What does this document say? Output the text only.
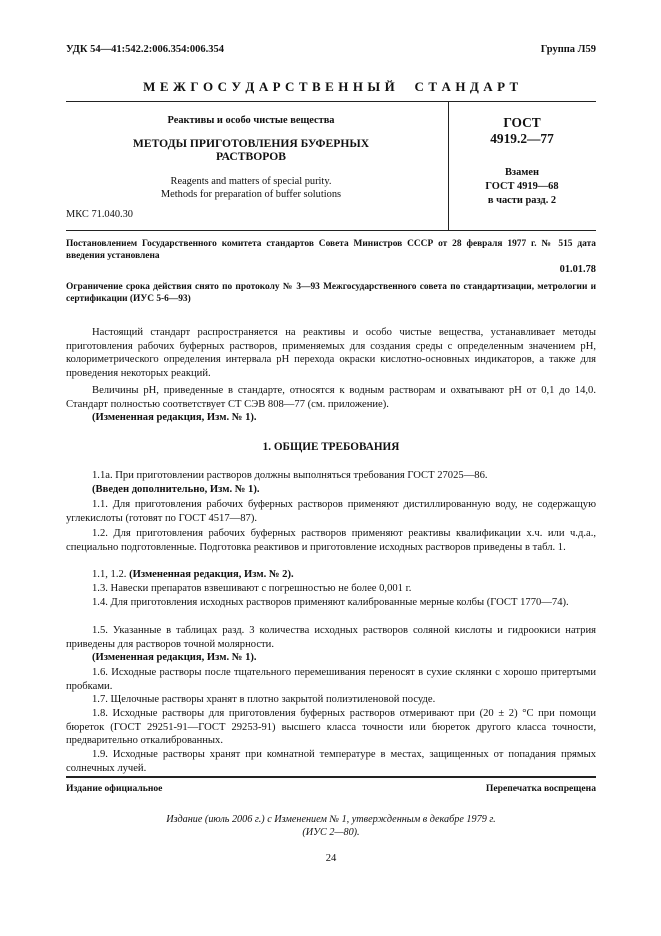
УДК 54—41:542.2:006.354:006.354	Группа Л59
М Е Ж Г О С У Д А Р С Т В Е Н Н Ы Й     С Т А Н Д А Р Т
Реактивы и особо чистые вещества
МЕТОДЫ ПРИГОТОВЛЕНИЯ БУФЕРНЫХ
РАСТВОРОВ
Reagents and matters of special purity.
Methods for preparation of buffer solutions
МКС 71.040.30
ГОСТ
4919.2—77
Взамен
ГОСТ 4919—68
в части разд. 2
Постановлением Государственного комитета стандартов Совета Министров СССР от 28 февраля 1977 г. № 515 дата введения установлена
01.01.78
Ограничение срока действия снято по протоколу № 3—93 Межгосударственного совета по стандартизации, метрологии и сертификации (ИУС 5-6—93)
Настоящий стандарт распространяется на реактивы и особо чистые вещества, устанавливает методы приготовления рабочих буферных растворов, применяемых для создания среды с определенным значением pH, колориметрического определения интервала pH перехода окраски кислотно-основных индикаторов, а также для проведения некоторых реакций.
Величины pH, приведенные в стандарте, относятся к водным растворам и охватывают pH от 0,1 до 14,0. Стандарт полностью соответствует СТ СЭВ 808—77 (см. приложение).
(Измененная редакция, Изм. № 1).
1. ОБЩИЕ ТРЕБОВАНИЯ
1.1а. При приготовлении растворов должны выполняться требования ГОСТ 27025—86.
(Введен дополнительно, Изм. № 1).
1.1. Для приготовления рабочих буферных растворов применяют дистиллированную воду, не содержащую углекислоты (готовят по ГОСТ 4517—87).
1.2. Для приготовления рабочих буферных растворов применяют реактивы квалификации х.ч. или ч.д.а., специально подготовленные. Подготовка реактивов и приготовление исходных растворов приведены в табл. 1.
1.1, 1.2. (Измененная редакция, Изм. № 2).
1.3. Навески препаратов взвешивают с погрешностью не более 0,001 г.
1.4. Для приготовления исходных растворов применяют калиброванные мерные колбы (ГОСТ 1770—74).
1.5. Указанные в таблицах разд. 3 количества исходных растворов соляной кислоты и гидроокиси натрия приведены для растворов точной молярности.
(Измененная редакция, Изм. № 1).
1.6. Исходные растворы после тщательного перемешивания переносят в сухие склянки с хорошо притертыми пробками.
1.7. Щелочные растворы хранят в плотно закрытой полиэтиленовой посуде.
1.8. Исходные растворы для приготовления буферных растворов отмеривают при (20 ± 2) °С при помощи бюреток (ГОСТ 29251-91—ГОСТ 29253-91) высшего класса точности или бюреток другого класса точности, предварительно откалиброванных.
1.9. Исходные растворы хранят при комнатной температуре в местах, защищенных от попадания прямых солнечных лучей.
Издание официальное	Перепечатка воспрещена
Издание (июль 2006 г.) с Изменением № 1, утвержденным в декабре 1979 г.
(ИУС 2—80).
24
